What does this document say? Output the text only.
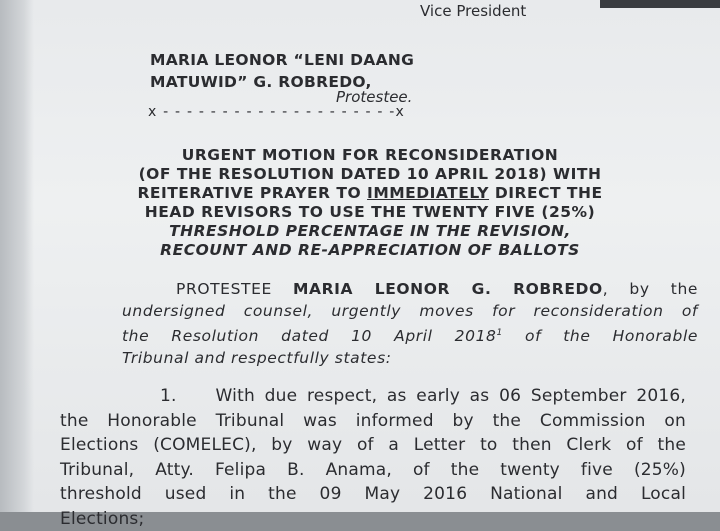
Vice President
MARIA LEONOR “LENI DAANG
MATUWID” G. ROBREDO,
Protestee.
x - - - - - - - - - - - - - - - - - - - -x
URGENT MOTION FOR RECONSIDERATION
(OF THE RESOLUTION DATED 10 APRIL 2018) WITH
REITERATIVE PRAYER TO IMMEDIATELY DIRECT THE
HEAD REVISORS TO USE THE TWENTY FIVE (25%)
THRESHOLD PERCENTAGE IN THE REVISION,
RECOUNT AND RE-APPRECIATION OF BALLOTS
PROTESTEE MARIA LEONOR G. ROBREDO, by the
undersigned counsel, urgently moves for reconsideration of
the Resolution dated 10 April 2018$^1$ of the Honorable
Tribunal and respectfully states:
1.    With due respect, as early as 06 September 2016,
the Honorable Tribunal was informed by the Commission on
Elections (COMELEC), by way of a Letter to then Clerk of the
Tribunal, Atty. Felipa B. Anama, of the twenty five (25%)
threshold used in the 09 May 2016 National and Local
Elections;
